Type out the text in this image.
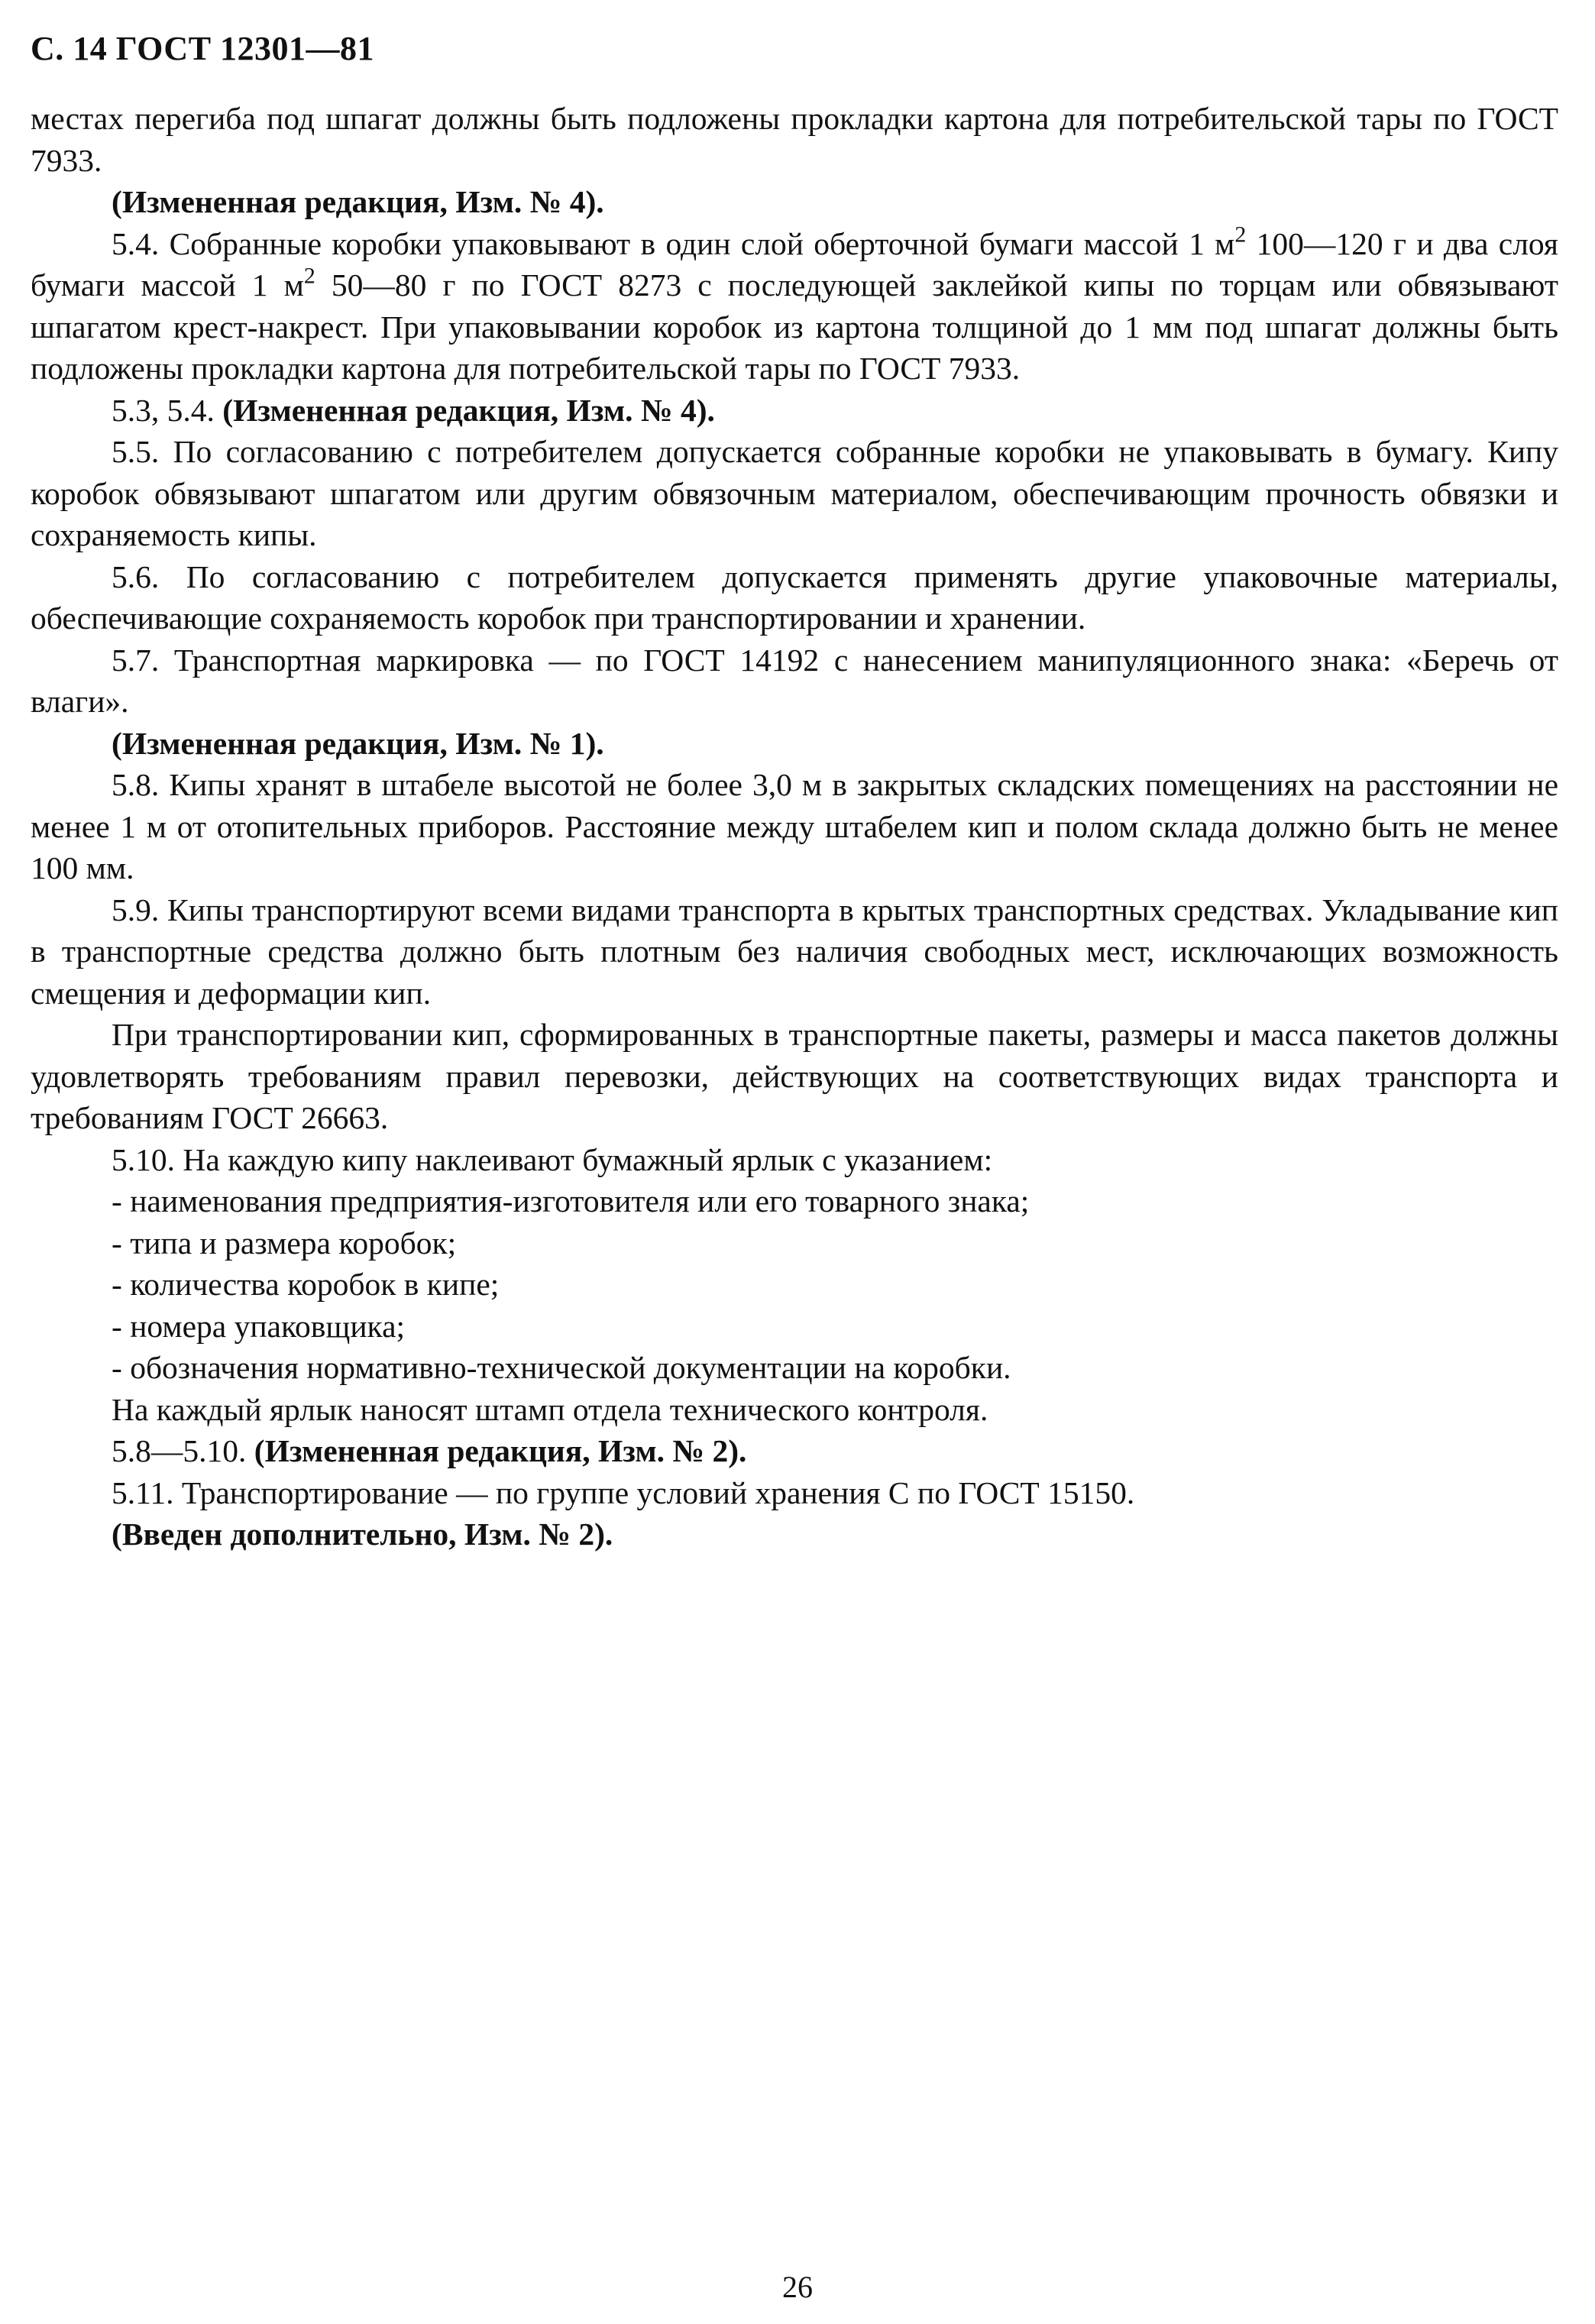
С. 14 ГОСТ 12301—81

местах перегиба под шпагат должны быть подложены прокладки картона для потребительской тары по ГОСТ 7933.

(Измененная редакция, Изм. № 4).

5.4. Собранные коробки упаковывают в один слой оберточной бумаги массой 1 $м^2$ 100—120 г и два слоя бумаги массой 1 $м^2$ 50—80 г по ГОСТ 8273 с последующей заклейкой кипы по торцам или обвязывают шпагатом крест-накрест. При упаковывании коробок из картона толщиной до 1 мм под шпагат должны быть подложены прокладки картона для потребительской тары по ГОСТ 7933.

5.3, 5.4. (Измененная редакция, Изм. № 4).

5.5. По согласованию с потребителем допускается собранные коробки не упаковывать в бумагу. Кипу коробок обвязывают шпагатом или другим обвязочным материалом, обеспечивающим прочность обвязки и сохраняемость кипы.

5.6. По согласованию с потребителем допускается применять другие упаковочные материалы, обеспечивающие сохраняемость коробок при транспортировании и хранении.

5.7. Транспортная маркировка — по ГОСТ 14192 с нанесением манипуляционного знака: «Беречь от влаги».

(Измененная редакция, Изм. № 1).

5.8. Кипы хранят в штабеле высотой не более 3,0 м в закрытых складских помещениях на расстоянии не менее 1 м от отопительных приборов. Расстояние между штабелем кип и полом склада должно быть не менее 100 мм.

5.9. Кипы транспортируют всеми видами транспорта в крытых транспортных средствах. Укладывание кип в транспортные средства должно быть плотным без наличия свободных мест, исключающих возможность смещения и деформации кип.

При транспортировании кип, сформированных в транспортные пакеты, размеры и масса пакетов должны удовлетворять требованиям правил перевозки, действующих на соответствующих видах транспорта и требованиям ГОСТ 26663.

5.10. На каждую кипу наклеивают бумажный ярлык с указанием:

- наименования предприятия-изготовителя или его товарного знака;
- типа и размера коробок;
- количества коробок в кипе;
- номера упаковщика;
- обозначения нормативно-технической документации на коробки.

На каждый ярлык наносят штамп отдела технического контроля.

5.8—5.10. (Измененная редакция, Изм. № 2).

5.11. Транспортирование — по группе условий хранения С по ГОСТ 15150.

(Введен дополнительно, Изм. № 2).

26
